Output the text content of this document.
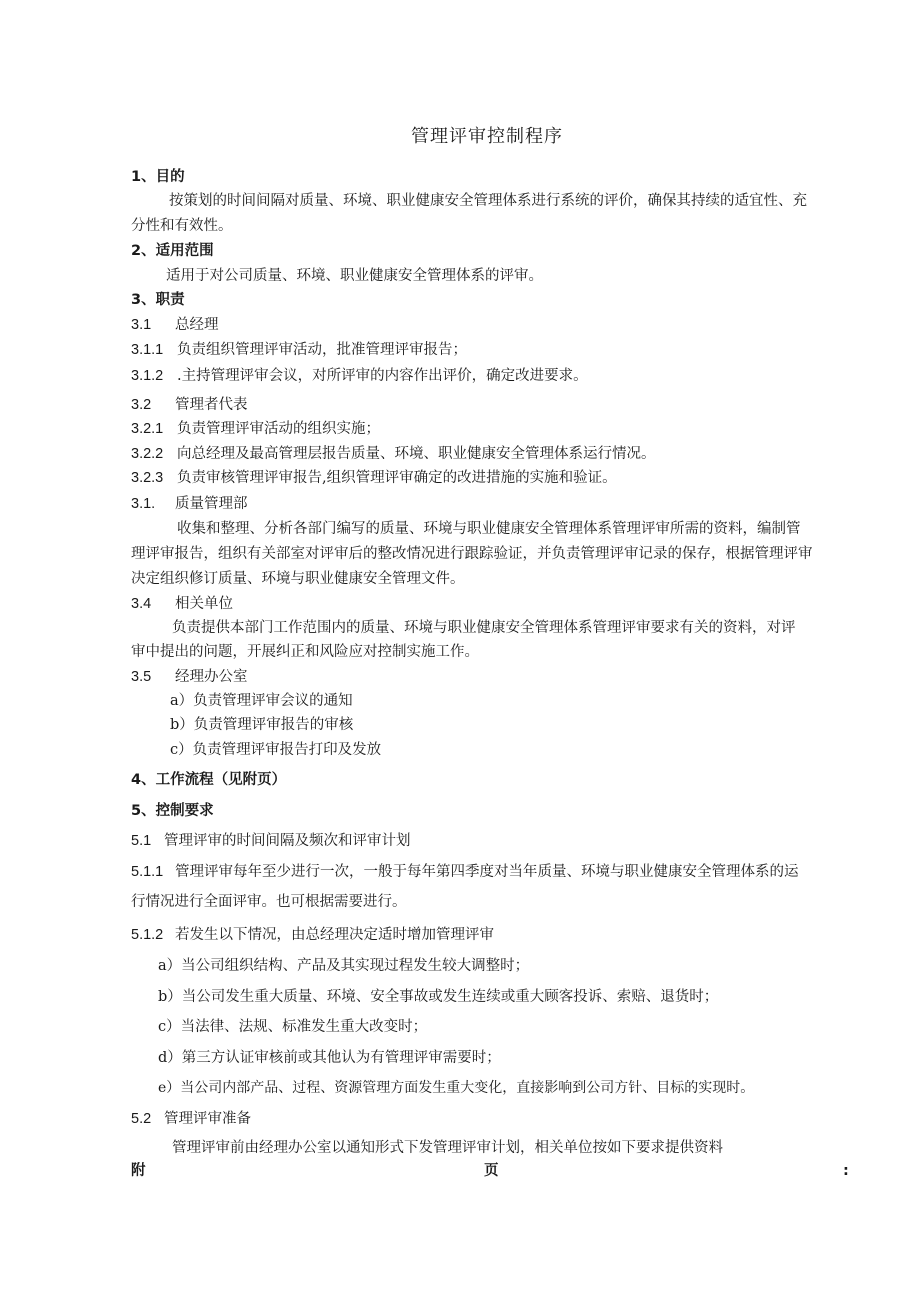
管理评审控制程序
1、目的
按策划的时间间隔对质量、环境、职业健康安全管理体系进行系统的评价，确保其持续的适宜性、充
分性和有效性。
2、适用范围
适用于对公司质量、环境、职业健康安全管理体系的评审。
3、职责
3.1 总经理
3.1.1 负责组织管理评审活动，批准管理评审报告；
3.1.2 .主持管理评审会议，对所评审的内容作出评价，确定改进要求。
3.2 管理者代表
3.2.1 负责管理评审活动的组织实施；
3.2.2 向总经理及最高管理层报告质量、环境、职业健康安全管理体系运行情况。
3.2.3 负责审核管理评审报告,组织管理评审确定的改进措施的实施和验证。
3.1. 质量管理部
收集和整理、分析各部门编写的质量、环境与职业健康安全管理体系管理评审所需的资料，编制管
理评审报告，组织有关部室对评审后的整改情况进行跟踪验证，并负责管理评审记录的保存，根据管理评审
决定组织修订质量、环境与职业健康安全管理文件。
3.4 相关单位
负责提供本部门工作范围内的质量、环境与职业健康安全管理体系管理评审要求有关的资料，对评
审中提出的问题，开展纠正和风险应对控制实施工作。
3.5 经理办公室
a）负责管理评审会议的通知
b）负责管理评审报告的审核
c）负责管理评审报告打印及发放
4、工作流程（见附页）
5、控制要求
5.1 管理评审的时间间隔及频次和评审计划
5.1.1 管理评审每年至少进行一次，一般于每年第四季度对当年质量、环境与职业健康安全管理体系的运
行情况进行全面评审。也可根据需要进行。
5.1.2 若发生以下情况，由总经理决定适时增加管理评审
a）当公司组织结构、产品及其实现过程发生较大调整时；
b）当公司发生重大质量、环境、安全事故或发生连续或重大顾客投诉、索赔、退货时；
c）当法律、法规、标准发生重大改变时；
d）第三方认证审核前或其他认为有管理评审需要时；
e）当公司内部产品、过程、资源管理方面发生重大变化，直接影响到公司方针、目标的实现时。
5.2 管理评审准备
管理评审前由经理办公室以通知形式下发管理评审计划，相关单位按如下要求提供资料
附	页	:
